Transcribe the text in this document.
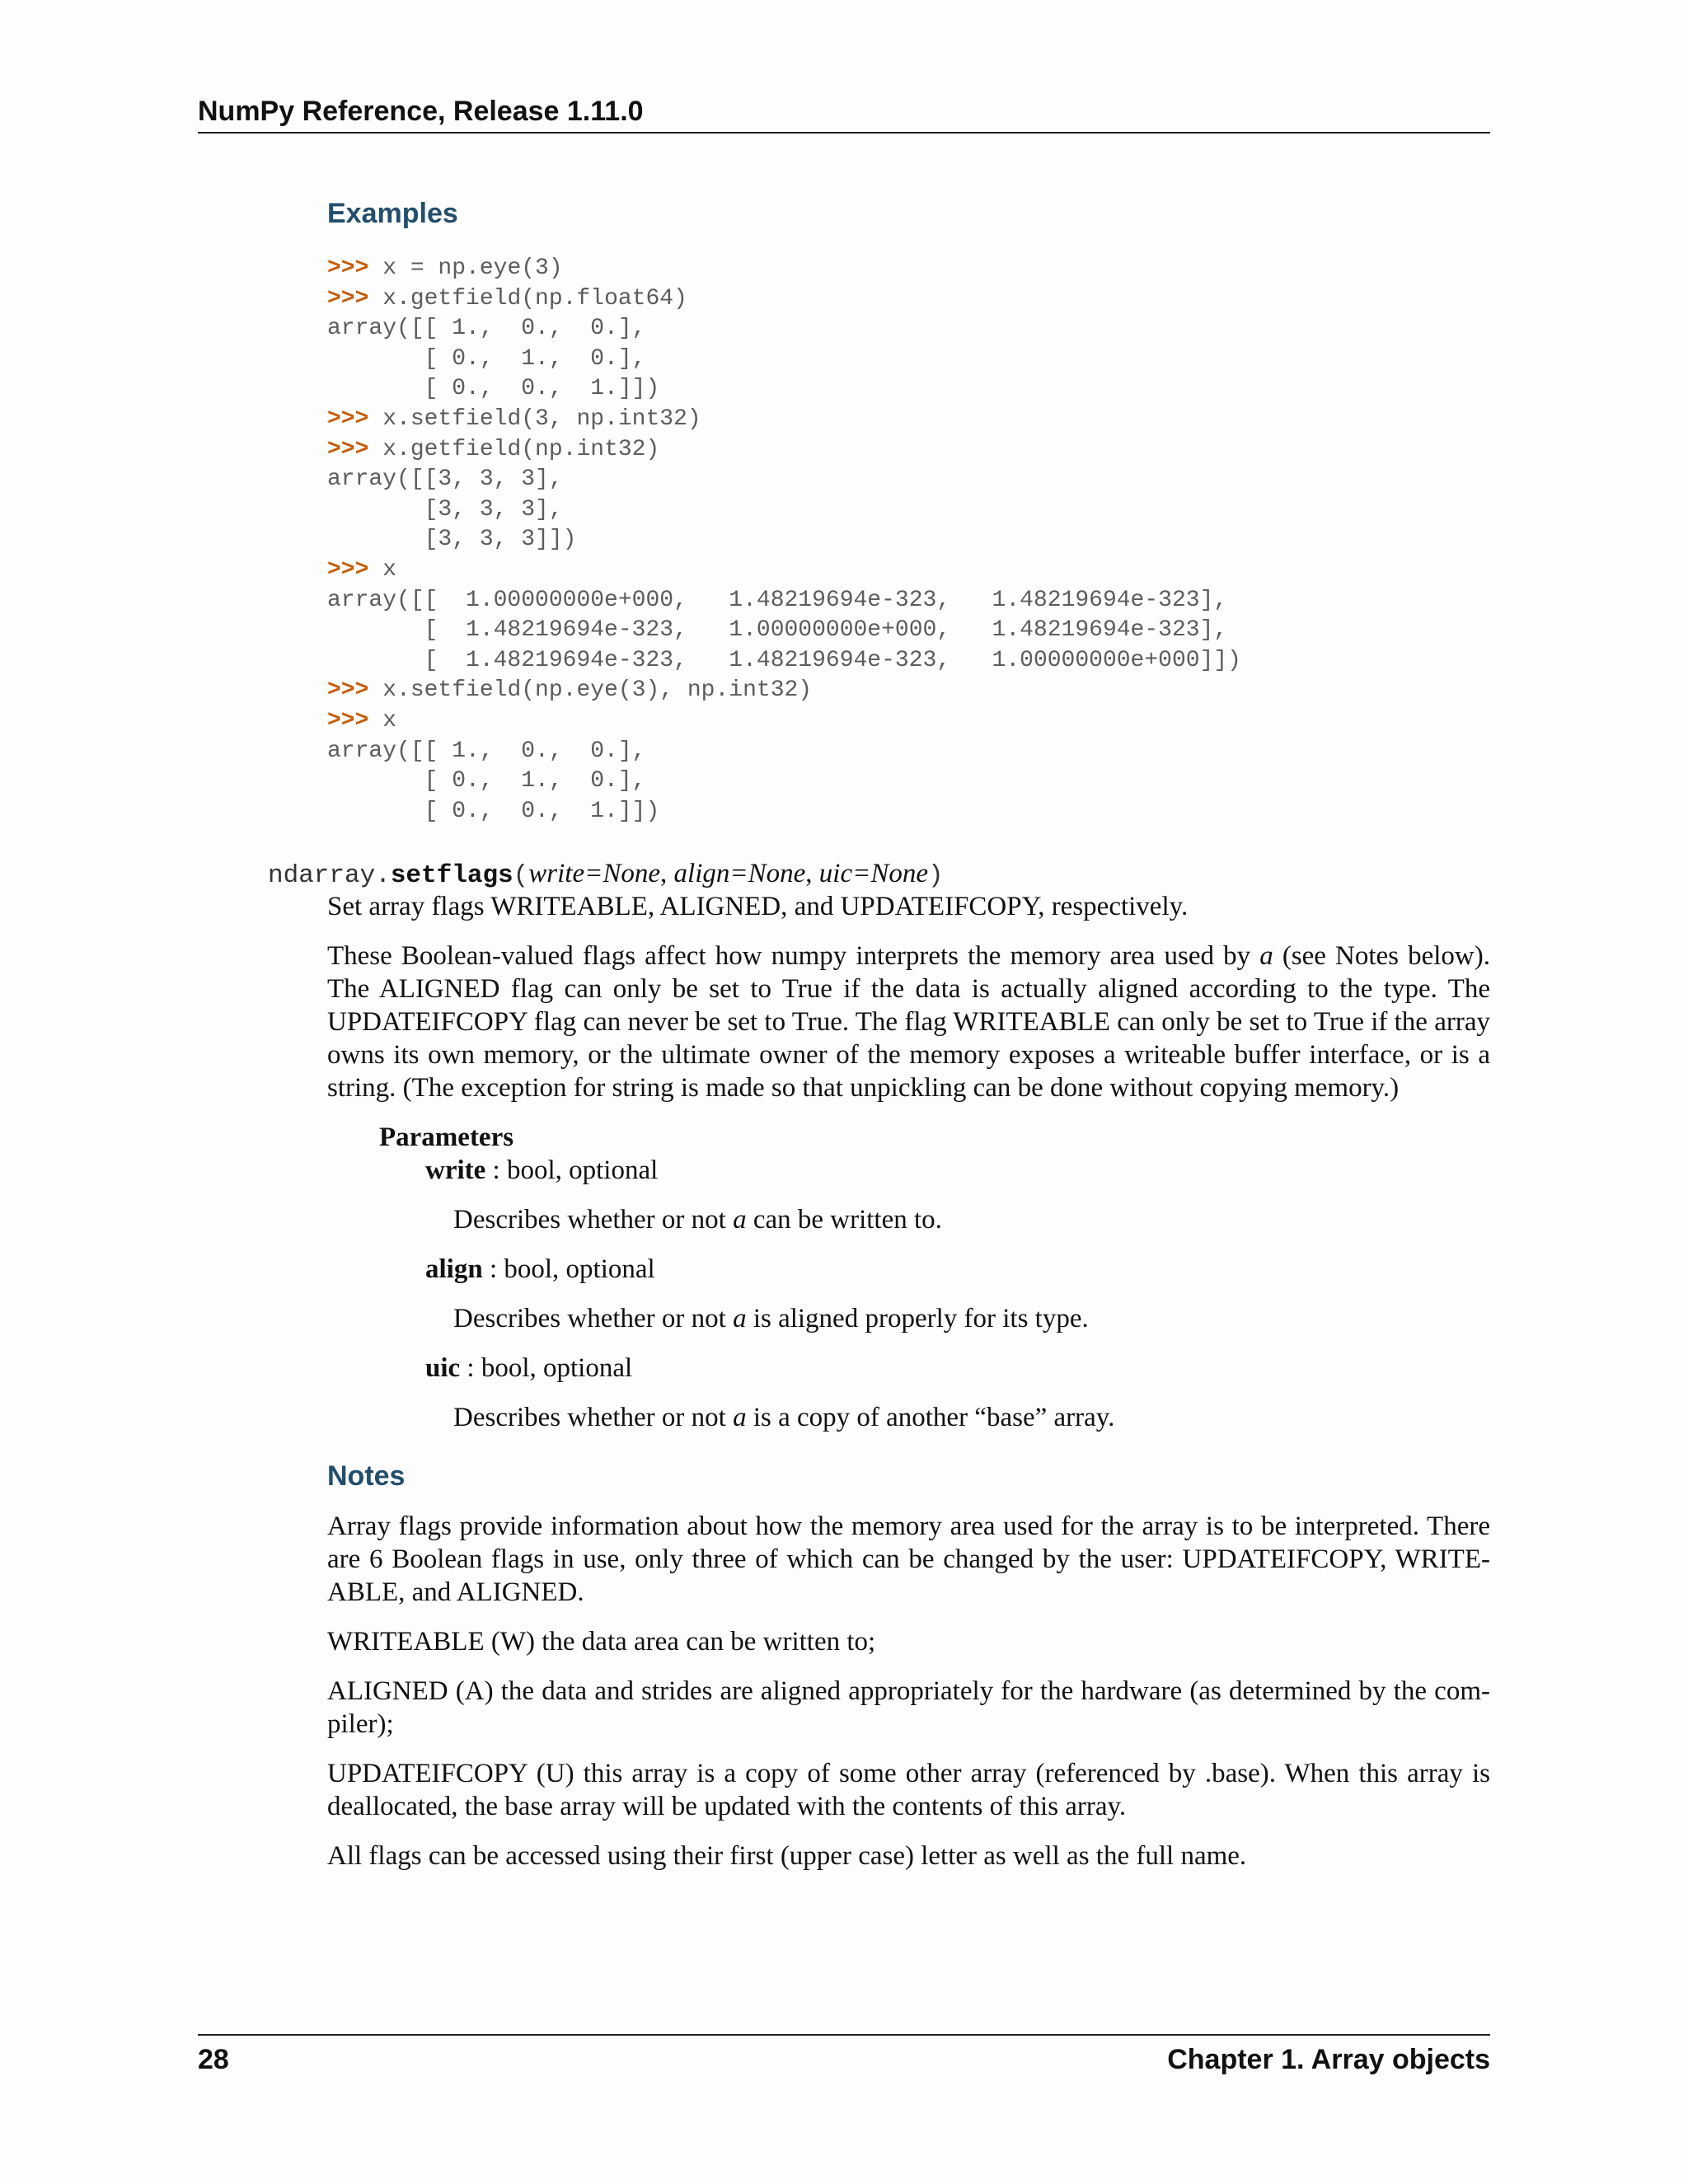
NumPy Reference, Release 1.11.0
Examples
>>> x = np.eye(3)
>>> x.getfield(np.float64)
array([[ 1.,  0.,  0.],
[ 0.,  1.,  0.],
[ 0.,  0.,  1.]])
>>> x.setfield(3, np.int32)
>>> x.getfield(np.int32)
array([[3, 3, 3],
[3, 3, 3],
[3, 3, 3]])
>>> x
array([[  1.00000000e+000,   1.48219694e-323,   1.48219694e-323],
[  1.48219694e-323,   1.00000000e+000,   1.48219694e-323],
[  1.48219694e-323,   1.48219694e-323,   1.00000000e+000]])
>>> x.setfield(np.eye(3), np.int32)
>>> x
array([[ 1.,  0.,  0.],
[ 0.,  1.,  0.],
[ 0.,  0.,  1.]])
ndarray.setflags(write=None, align=None, uic=None)
Set array flags WRITEABLE, ALIGNED, and UPDATEIFCOPY, respectively.
These Boolean-valued flags affect how numpy interprets the memory area used by a (see Notes below). The ALIGNED flag can only be set to True if the data is actually aligned according to the type. The UPDATEIFCOPY flag can never be set to True. The flag WRITEABLE can only be set to True if the array owns its own memory, or the ultimate owner of the memory exposes a writeable buffer interface, or is a string. (The exception for string is made so that unpickling can be done without copying memory.)
Parameters
write : bool, optional
Describes whether or not a can be written to.
align : bool, optional
Describes whether or not a is aligned properly for its type.
uic : bool, optional
Describes whether or not a is a copy of another “base” array.
Notes
Array flags provide information about how the memory area used for the array is to be interpreted. There are 6 Boolean flags in use, only three of which can be changed by the user: UPDATEIFCOPY, WRITEABLE, and ALIGNED.
WRITEABLE (W) the data area can be written to;
ALIGNED (A) the data and strides are aligned appropriately for the hardware (as determined by the compiler);
UPDATEIFCOPY (U) this array is a copy of some other array (referenced by .base). When this array is deallocated, the base array will be updated with the contents of this array.
All flags can be accessed using their first (upper case) letter as well as the full name.
28	Chapter 1. Array objects
